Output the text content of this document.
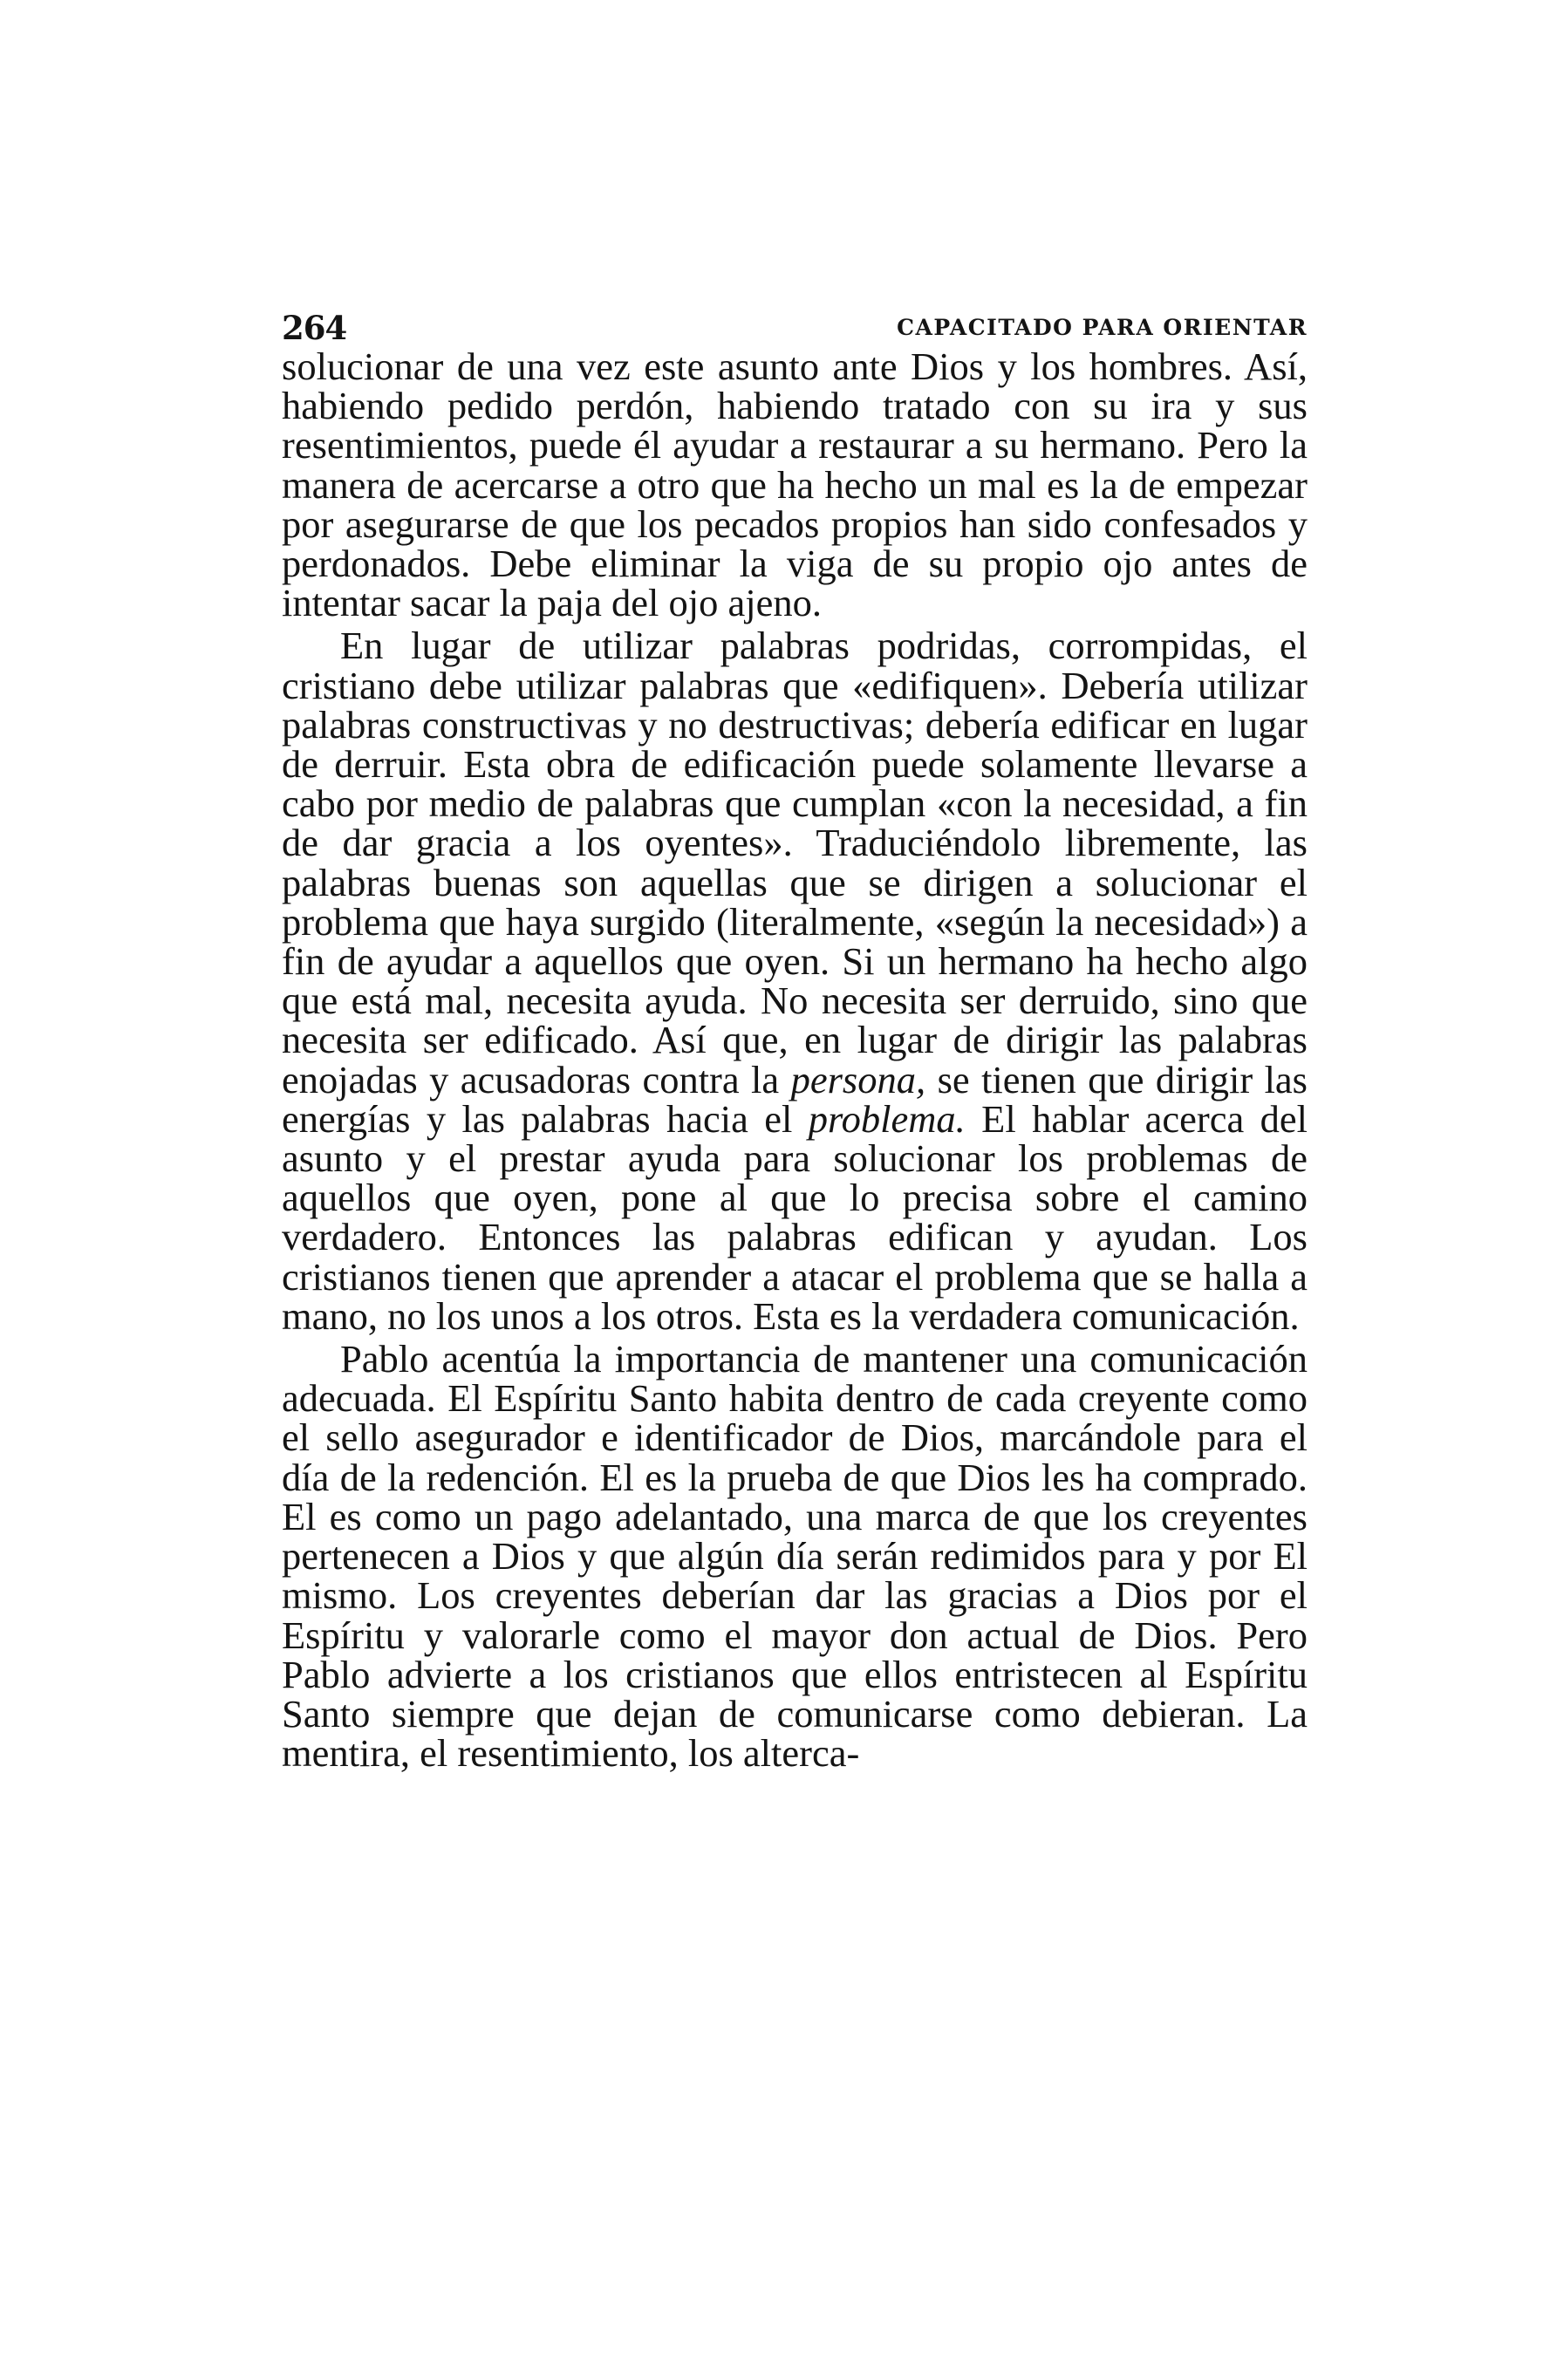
264	CAPACITADO PARA ORIENTAR

solucionar de una vez este asunto ante Dios y los hombres. Así, habiendo pedido perdón, habiendo tratado con su ira y sus resentimientos, puede él ayudar a restaurar a su hermano. Pero la manera de acercarse a otro que ha hecho un mal es la de empezar por asegurarse de que los pecados propios han sido confesados y perdonados. Debe eliminar la viga de su propio ojo antes de intentar sacar la paja del ojo ajeno.

En lugar de utilizar palabras podridas, corrompidas, el cristiano debe utilizar palabras que «edifiquen». Debería utilizar palabras constructivas y no destructivas; debería edificar en lugar de derruir. Esta obra de edificación puede solamente llevarse a cabo por medio de palabras que cumplan «con la necesidad, a fin de dar gracia a los oyentes». Traduciéndolo libremente, las palabras buenas son aquellas que se dirigen a solucionar el problema que haya surgido (literalmente, «según la necesidad») a fin de ayudar a aquellos que oyen. Si un hermano ha hecho algo que está mal, necesita ayuda. No necesita ser derruido, sino que necesita ser edificado. Así que, en lugar de dirigir las palabras enojadas y acusadoras contra la persona, se tienen que dirigir las energías y las palabras hacia el problema. El hablar acerca del asunto y el prestar ayuda para solucionar los problemas de aquellos que oyen, pone al que lo precisa sobre el camino verdadero. Entonces las palabras edifican y ayudan. Los cristianos tienen que aprender a atacar el problema que se halla a mano, no los unos a los otros. Esta es la verdadera comunicación.

Pablo acentúa la importancia de mantener una comunicación adecuada. El Espíritu Santo habita dentro de cada creyente como el sello asegurador e identificador de Dios, marcándole para el día de la redención. El es la prueba de que Dios les ha comprado. El es como un pago adelantado, una marca de que los creyentes pertenecen a Dios y que algún día serán redimidos para y por El mismo. Los creyentes deberían dar las gracias a Dios por el Espíritu y valorarle como el mayor don actual de Dios. Pero Pablo advierte a los cristianos que ellos entristecen al Espíritu Santo siempre que dejan de comunicarse como debieran. La mentira, el resentimiento, los alterca-
